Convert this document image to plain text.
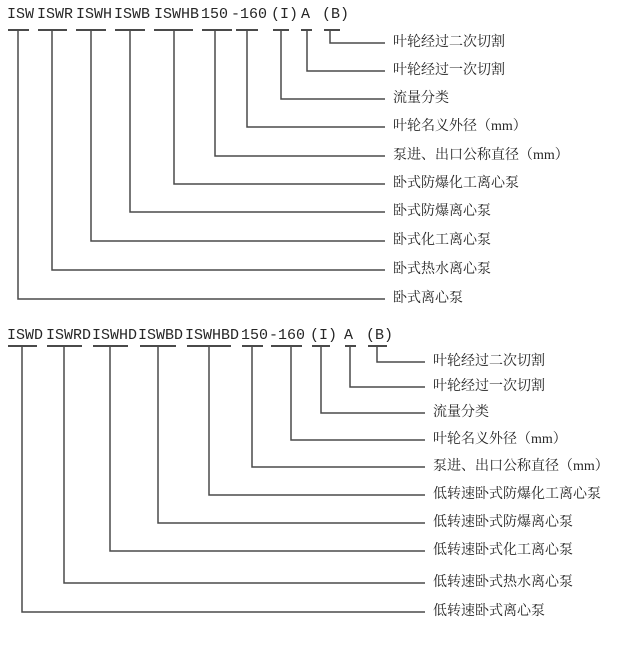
ISW ISWR ISWH ISWB ISWHB 150 -160 (I) A (B)
叶轮经过二次切割
叶轮经过一次切割
流量分类
叶轮名义外径（mm）
泵进、出口公称直径（mm）
卧式防爆化工离心泵
卧式防爆离心泵
卧式化工离心泵
卧式热水离心泵
卧式离心泵
ISWD ISWRD ISWHD ISWBD ISWHBD 150 -160 (I) A (B)
叶轮经过二次切割
叶轮经过一次切割
流量分类
叶轮名义外径（mm）
泵进、出口公称直径（mm）
低转速卧式防爆化工离心泵
低转速卧式防爆离心泵
低转速卧式化工离心泵
低转速卧式热水离心泵
低转速卧式离心泵
